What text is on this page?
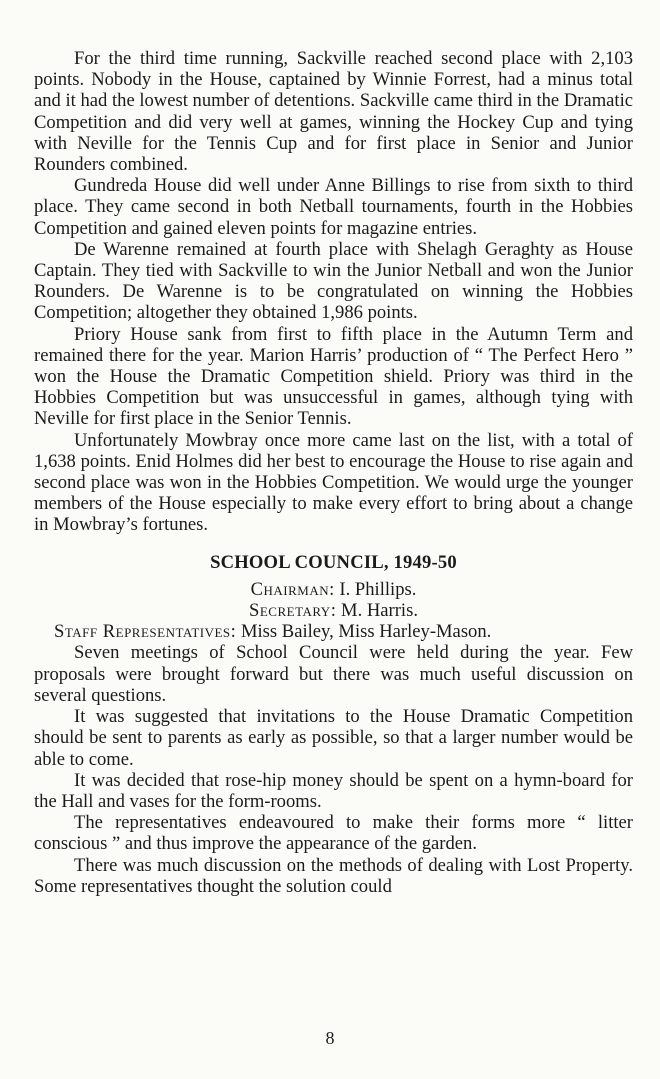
For the third time running, Sackville reached second place with 2,103 points. Nobody in the House, captained by Winnie Forrest, had a minus total and it had the lowest number of detentions. Sackville came third in the Dramatic Competition and did very well at games, winning the Hockey Cup and tying with Neville for the Tennis Cup and for first place in Senior and Junior Rounders combined.

Gundreda House did well under Anne Billings to rise from sixth to third place. They came second in both Netball tournaments, fourth in the Hobbies Competition and gained eleven points for magazine entries.

De Warenne remained at fourth place with Shelagh Geraghty as House Captain. They tied with Sackville to win the Junior Netball and won the Junior Rounders. De Warenne is to be congratulated on winning the Hobbies Competition; altogether they obtained 1,986 points.

Priory House sank from first to fifth place in the Autumn Term and remained there for the year. Marion Harris’ production of “ The Perfect Hero ” won the House the Dramatic Competition shield. Priory was third in the Hobbies Competition but was unsuccessful in games, although tying with Neville for first place in the Senior Tennis.

Unfortunately Mowbray once more came last on the list, with a total of 1,638 points. Enid Holmes did her best to encourage the House to rise again and second place was won in the Hobbies Competition. We would urge the younger members of the House especially to make every effort to bring about a change in Mowbray’s fortunes.

SCHOOL COUNCIL, 1949-50

Chairman: I. Phillips.

Secretary: M. Harris.

Staff Representatives: Miss Bailey, Miss Harley-Mason.

Seven meetings of School Council were held during the year. Few proposals were brought forward but there was much useful discussion on several questions.

It was suggested that invitations to the House Dramatic Competition should be sent to parents as early as possible, so that a larger number would be able to come.

It was decided that rose-hip money should be spent on a hymn-board for the Hall and vases for the form-rooms.

The representatives endeavoured to make their forms more “ litter conscious ” and thus improve the appearance of the garden.

There was much discussion on the methods of dealing with Lost Property. Some representatives thought the solution could

8
